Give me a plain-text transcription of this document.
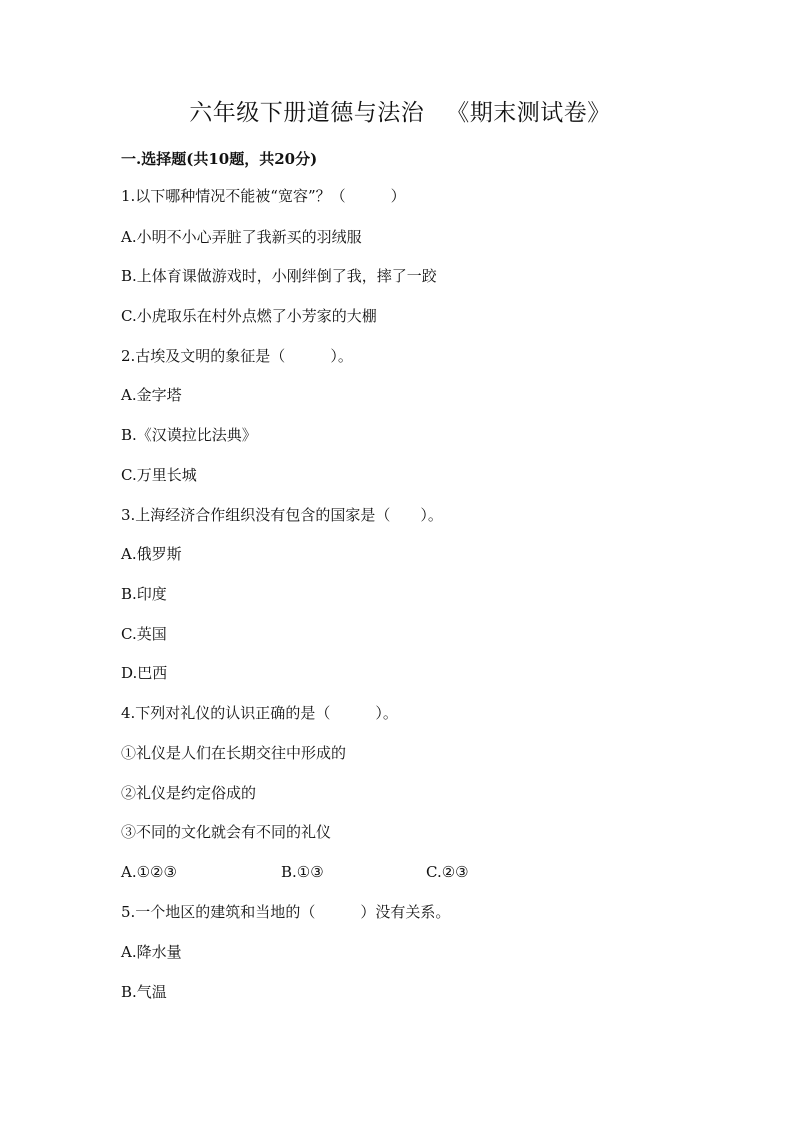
六年级下册道德与法治 《期末测试卷》
一.选择题(共10题，共20分)
1.以下哪种情况不能被“宽容”？（　　　）
A.小明不小心弄脏了我新买的羽绒服
B.上体育课做游戏时，小刚绊倒了我，摔了一跤
C.小虎取乐在村外点燃了小芳家的大棚
2.古埃及文明的象征是（　　　）。
A.金字塔
B.《汉谟拉比法典》
C.万里长城
3.上海经济合作组织没有包含的国家是（　　）。
A.俄罗斯
B.印度
C.英国
D.巴西
4.下列对礼仪的认识正确的是（　　　）。
①礼仪是人们在长期交往中形成的
②礼仪是约定俗成的
③不同的文化就会有不同的礼仪
A.①②③	B.①③	C.②③
5.一个地区的建筑和当地的（　　　）没有关系。
A.降水量
B.气温
